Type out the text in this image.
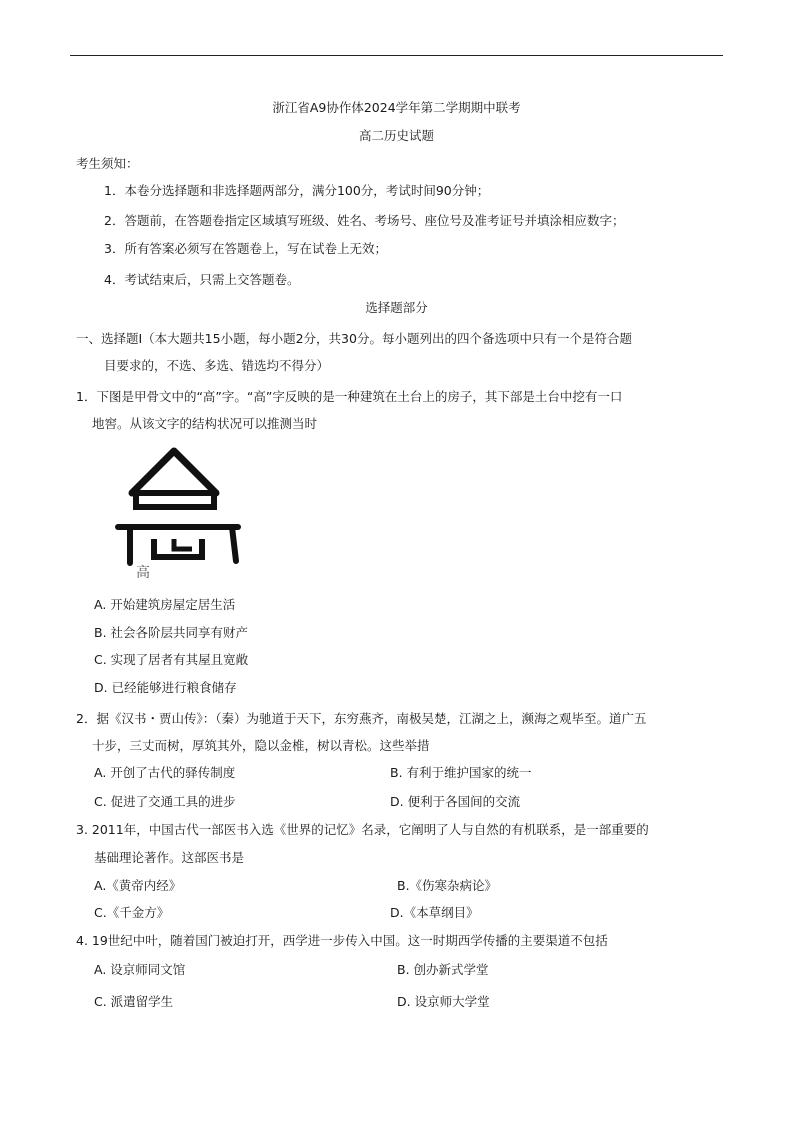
浙江省A9协作体2024学年第二学期期中联考
高二历史试题
考生须知：
1．本卷分选择题和非选择题两部分，满分100分，考试时间90分钟；
2．答题前，在答题卷指定区域填写班级、姓名、考场号、座位号及准考证号并填涂相应数字；
3．所有答案必须写在答题卷上，写在试卷上无效；
4．考试结束后，只需上交答题卷。
选择题部分
一、选择题Ⅰ（本大题共15小题，每小题2分，共30分。每小题列出的四个备选项中只有一个是符合题
目要求的，不选、多选、错选均不得分）
1．下图是甲骨文中的“高”字。“高”字反映的是一种建筑在土台上的房子，其下部是土台中挖有一口
地窖。从该文字的结构状况可以推测当时
高
A. 开始建筑房屋定居生活
B. 社会各阶层共同享有财产
C. 实现了居者有其屋且宽敞
D. 已经能够进行粮食储存
2．据《汉书・贾山传》：（秦）为驰道于天下，东穷燕齐，南极吴楚，江湖之上，濒海之观毕至。道广五
十步，三丈而树，厚筑其外，隐以金椎，树以青松。这些举措
A. 开创了古代的驿传制度	B. 有利于维护国家的统一
C. 促进了交通工具的进步	D. 便利于各国间的交流
3. 2011年，中国古代一部医书入选《世界的记忆》名录，它阐明了人与自然的有机联系，是一部重要的
基础理论著作。这部医书是
A.《黄帝内经》	B.《伤寒杂病论》
C.《千金方》	D.《本草纲目》
4. 19世纪中叶，随着国门被迫打开，西学进一步传入中国。这一时期西学传播的主要渠道不包括
A. 设京师同文馆	B. 创办新式学堂
C. 派遣留学生	D. 设京师大学堂
